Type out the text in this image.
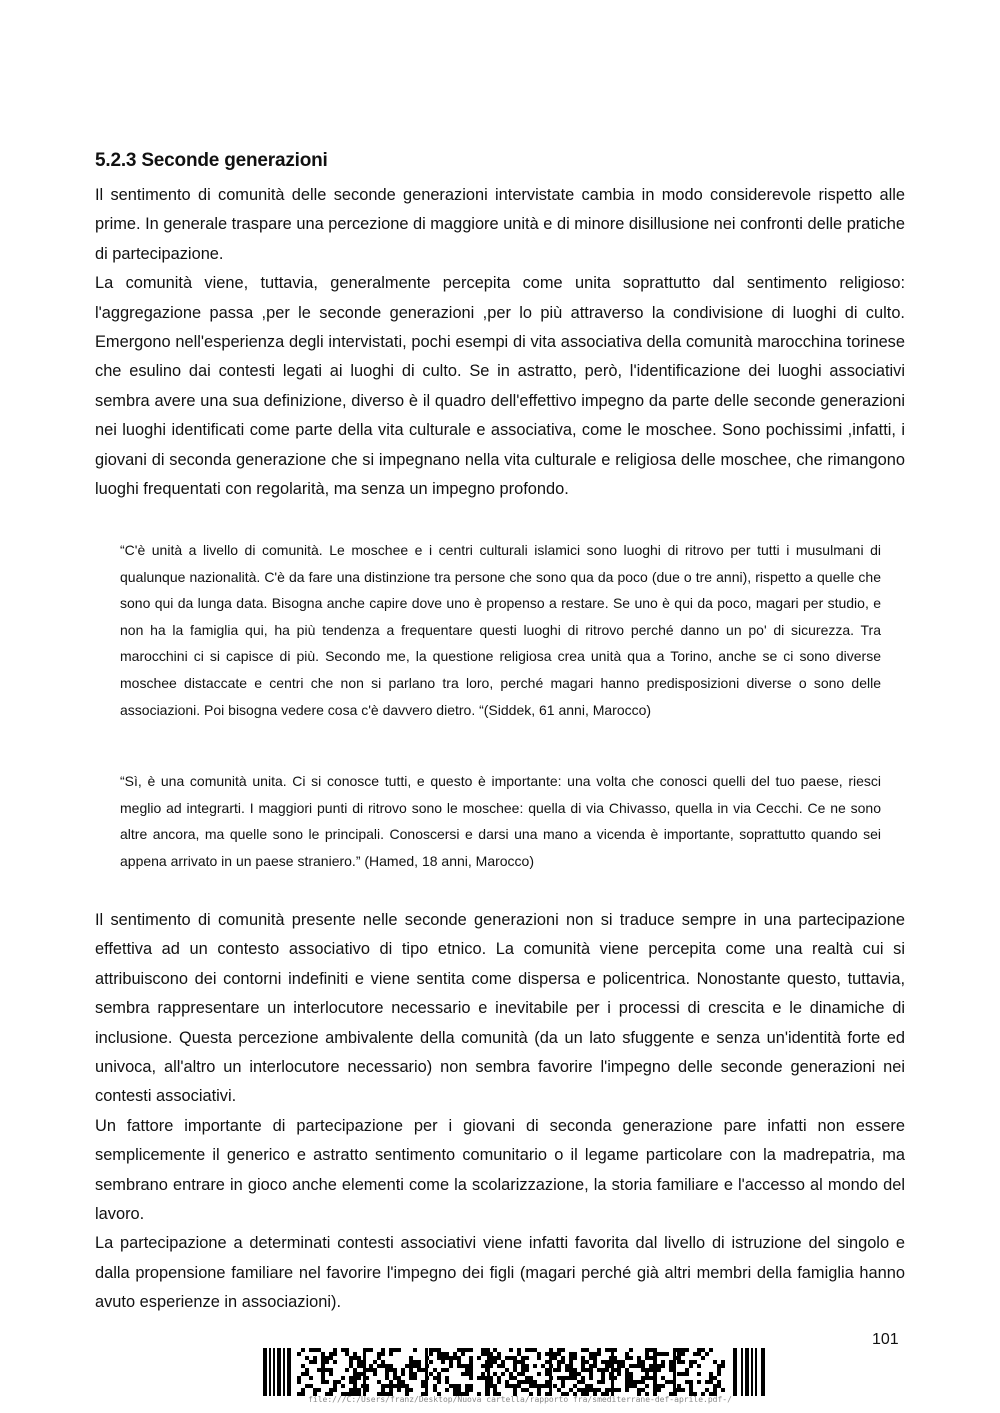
5.2.3 Seconde generazioni

Il sentimento di comunità delle seconde generazioni intervistate cambia in modo considerevole rispetto alle prime. In generale traspare una percezione di maggiore unità e di minore disillusione nei confronti delle pratiche di partecipazione.

La comunità viene, tuttavia, generalmente percepita come unita soprattutto dal sentimento religioso: l'aggregazione passa ,per le seconde generazioni ,per lo più attraverso la condivisione di luoghi di culto. Emergono nell'esperienza degli intervistati, pochi esempi di vita associativa della comunità marocchina torinese che esulino dai contesti legati ai luoghi di culto. Se in astratto, però, l'identificazione dei luoghi associativi sembra avere una sua definizione, diverso è il quadro dell'effettivo impegno da parte delle seconde generazioni nei luoghi identificati come parte della vita culturale e associativa, come le moschee. Sono pochissimi ,infatti, i giovani di seconda generazione che si impegnano nella vita culturale e religiosa delle moschee, che rimangono luoghi frequentati con regolarità, ma senza un impegno profondo.

“C'è unità a livello di comunità. Le moschee e i centri culturali islamici sono luoghi di ritrovo per tutti i musulmani di qualunque nazionalità. C'è da fare una distinzione tra persone che sono qua da poco (due o tre anni), rispetto a quelle che sono qui da lunga data. Bisogna anche capire dove uno è propenso a restare. Se uno è qui da poco, magari per studio, e non ha la famiglia qui, ha più tendenza a frequentare questi luoghi di ritrovo perché danno un po' di sicurezza. Tra marocchini ci si capisce di più. Secondo me, la questione religiosa crea unità qua a Torino, anche se ci sono diverse moschee distaccate e centri che non si parlano tra loro, perché magari hanno predisposizioni diverse o sono delle associazioni. Poi bisogna vedere cosa c'è davvero dietro. “(Siddek, 61 anni, Marocco)

“Sì, è una comunità unita. Ci si conosce tutti, e questo è importante: una volta che conosci quelli del tuo paese, riesci meglio ad integrarti. I maggiori punti di ritrovo sono le moschee: quella di via Chivasso, quella in via Cecchi. Ce ne sono altre ancora, ma quelle sono le principali. Conoscersi e darsi una mano a vicenda è importante, soprattutto quando sei appena arrivato in un paese straniero.” (Hamed, 18 anni, Marocco)

Il sentimento di comunità presente nelle seconde generazioni non si traduce sempre in una partecipazione effettiva ad un contesto associativo di tipo etnico. La comunità viene percepita come una realtà cui si attribuiscono dei contorni indefiniti e viene sentita come dispersa e policentrica. Nonostante questo, tuttavia, sembra rappresentare un interlocutore necessario e inevitabile per i processi di crescita e le dinamiche di inclusione. Questa percezione ambivalente della comunità (da un lato sfuggente e senza un'identità forte ed univoca, all'altro un interlocutore necessario) non sembra favorire l'impegno delle seconde generazioni nei contesti associativi.

Un fattore importante di partecipazione per i giovani di seconda generazione pare infatti non essere semplicemente il generico e astratto sentimento comunitario o il legame particolare con la madrepatria, ma sembrano entrare in gioco anche elementi come la scolarizzazione, la storia familiare e l'accesso al mondo del lavoro.

La partecipazione a determinati contesti associativi viene infatti favorita dal livello di istruzione del singolo e dalla propensione familiare nel favorire l'impegno dei figli (magari perché già altri membri della famiglia hanno avuto esperienze in associazioni).

101

file:///C:/Users/franz/Desktop/Nuova cartella/rapporto fra/smediterrane-def-aprile.pdf-/
